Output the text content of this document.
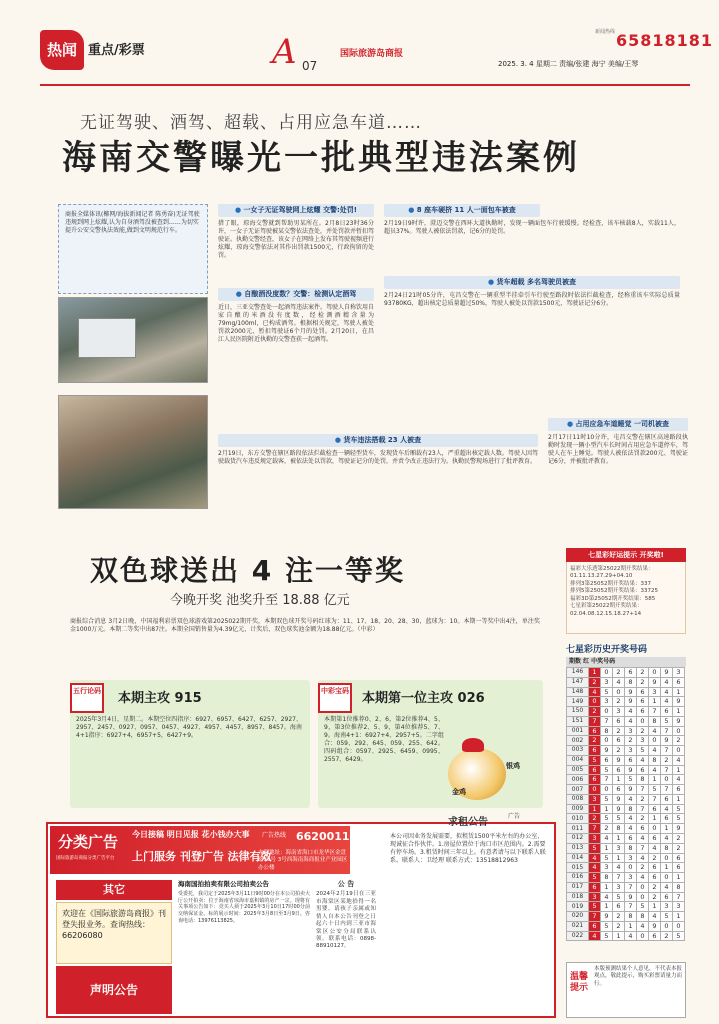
热闻 重点/彩票	A 07
国际旅游岛商报
新闻热线 65818181
2025. 3. 4 星期二 责编/张建 海宁 美编/王琴
无证驾驶、酒驾、超载、占用应急车道……
海南交警曝光一批典型违法案例
商报全媒体讯(椰网/海拔新闻记者 陈勇奋)无证驾驶违规到网上炫耀,认为自身酒驾没被查到……为切实提升公安交警执法效能,做到文明规范行车。
● 一女子无证驾驶网上炫耀 交警:处罚!
措了眼，琼海交警就到帮助男某所在。2月8日23时36分许，一女子无证驾驶被某交警依法查处，并处罚款并暂扣驾驶证。执勤交警经查，该女子在网络上发布其驾驶视频进行炫耀，琼海交警依法对其作出罚款1500元，行政拘留的处罚。
● 自酿酒没度数？交警：检测认定酒驾
近日，三亚交警查处一起酒驾违法案件。驾驶人自称饮用自家自酿的米酒没有度数，经检测酒精含量为79mg/100ml，已构成酒驾。根据相关规定，驾驶人被处罚款2000元，暂扣驾驶证6个月的处罚。2月20日，在昌江人民医院附近执勤的交警查获一起酒驾。
● 货车违法搭载 23 人被查
2月19日，东方交警在辖区路段依法拦截检查一辆轻型货车，发现货车后厢载有23人，严重超出核定载人数。驾驶人因驾驶载货汽车违反规定载客，被依法处以罚款，驾驶证记分的处罚，并责令改正违法行为。执勤民警现场进行了批评教育。
● 8 座车硬挤 11 人一面包车被查
2月19日9时许，澄迈交警在西环大道执勤时，发现一辆面包车行驶缓慢。经检查，该车核载8人，实载11人，超员37%。驾驶人被依法罚款，记6分的处罚。
● 货车超载 多名驾驶员被查
2月24日21时05分许，屯昌交警在一辆重型半挂牵引车行驶至路段时依法拦截检查，经称重该车实际总质量93780KG，超出核定总质量超过50%，驾驶人被处以罚款1500元，驾驶证记分6分。
● 占用应急车道睡觉 一司机被查
2月17日11时10分许，屯昌交警在辖区高速路段执勤时发现一辆小型汽车长时间占用应急车道停车，驾驶人在车上睡觉。驾驶人被依法罚款200元、驾驶证记6分，并被批评教育。
双色球送出 4 注一等奖
今晚开奖 池奖升至 18.88 亿元
商报综合消息 3月2日晚，中国福利彩票双色球游戏第2025022期开奖，本期双色球开奖号码红球为：11、17、18、20、28、30，蓝球为：10。本期一等奖中出4注，单注奖金1000万元。本期二等奖中出87注。本期全国销售量为4.39亿元，计奖后，双色球奖池金额为18.88亿元。（中彩）
五行论码 本期主攻 915
2025年3月4日，星期二。本期空位四指序：6927、6957、6427、6257、2927、2957、2457、0927、0957、0457、4927、4957、4457、8957、8457。海南4+1指序：6927+4，6957+5，6427+9。
中彩宝码 本期第一位主攻 026
本期第1位推荐0、2、6，第2位推荐4、5、9，第3位推荐2、5、9，第4位推荐5、7、9。海南4+1：6927+4、2957+5。二字组合：059、292、645、059、255、642。四码组合：0597、2925、6459、0995、2557、6429。
银鸡
金鸡
七星彩好运提示 开奖啦!
福彩大乐透第25022期开奖结果：
01.11.13.27.29+04.10
排列3第25052期开奖结果：337
排列5第25052期开奖结果：33725
福彩3D第25052期开奖结果：585
七星彩第25022期开奖结果：
02.04.08.12.15.18.27+14
七星彩历史开奖号码
期数 红 中奖号码
146	1	0	2	6	2	0	9	3
147	2	3	4	8	2	9	4	6
148	4	5	0	9	6	3	4	1
149	0	3	2	9	6	1	4	9
150	2	0	3	4	6	7	6	1
151	7	7	6	4	0	8	5	9
001	6	8	2	3	2	4	7	0
002	2	0	6	2	3	0	9	2
003	6	9	2	3	5	4	7	0
004	5	6	9	6	4	8	2	4
005	6	5	6	9	6	4	7	1
006	6	7	1	5	8	1	0	4
007	0	0	6	9	7	5	7	6
008	3	5	9	4	2	7	6	1
009	1	1	9	8	7	6	4	5
010	2	5	5	4	2	1	6	5
011	7	2	8	4	6	0	1	9
012	3	4	1	6	4	6	4	2
013	5	1	3	8	7	4	8	2
014	4	5	1	3	4	2	0	6
015	4	3	4	0	2	6	1	6
016	5	8	7	3	4	6	0	1
017	6	1	3	7	0	2	4	8
018	3	4	5	9	0	2	6	7
019	5	1	6	7	5	1	3	3
020	7	9	2	8	8	4	5	1
021	6	5	2	1	4	9	0	0
022	4	5	1	4	0	6	2	5
温馨提示
本版预测结果个人意见，不代表本报观点，敬此提示，购买彩票请量力而行。
广告
分类广告
国际旅游岛商报分类广告平台
今日接稿 明日见报 花小钱办大事
上门服务 刊登广告 法律有效
广告热线 66200119
办理地址：海南省海口市龙华区金盘路30号 3号西海南海商报业产业园区办公楼
其它
欢迎在《国际旅游岛商报》刊登失报业务。查询热线：66206080
声明公告
海南国拍拍卖有限公司拍卖公告
受委托，我司定于2025年3月11日9时00分在本公司拍卖大厅公开拍卖：位于海南省琼海市嘉积镇的房产一宗。现将有关事项公告如下：竞买人须于2025年3月10日17时00分前交纳保证金。标的展示时间：2025年3月8日至3月9日。咨询电话：13976113825。
公 告
2024年2月19日在三亚市海棠区某地拾得一名男婴，请孩子亲属或知情人自本公告刊登之日起六十日内到三亚市海棠区公安分局联系认领。联系电话：0898-88910127。
求租公告
本公司因业务发展需要，拟租赁1500平米左右的办公室，现诚征合作伙伴。1.房屋位置位于海口市区范围内。2.需要有停车场。3.租赁时间三年以上。有意者请与以下联系人联系。联系人：卫经理 联系方式：13518812963
